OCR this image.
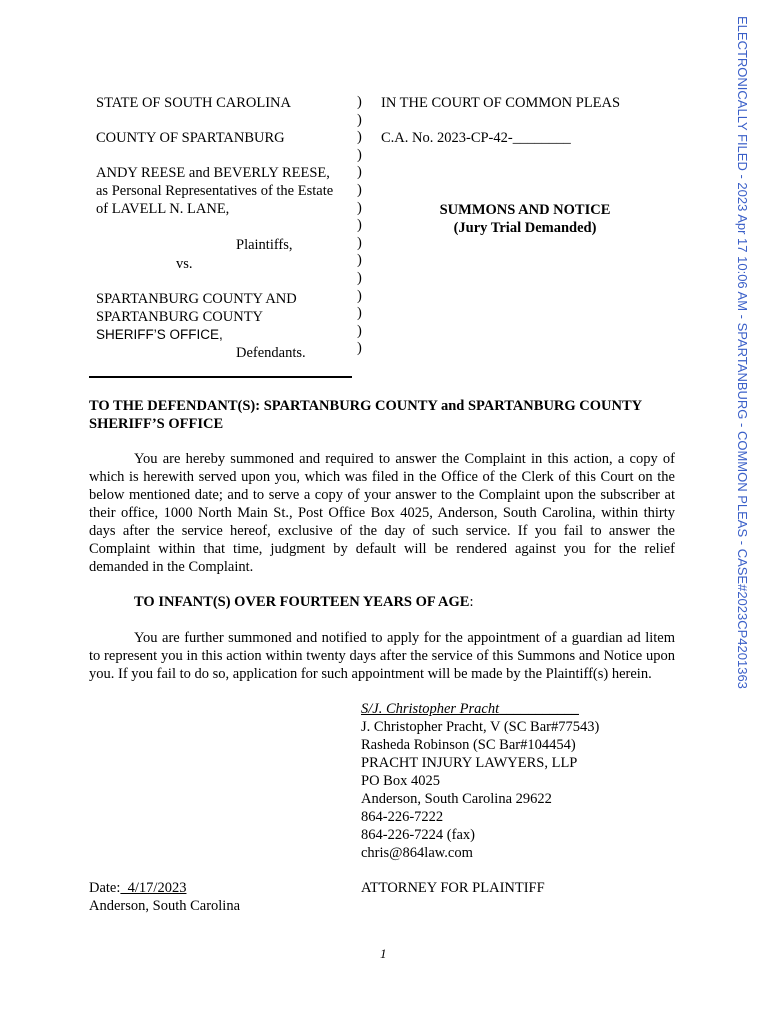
ELECTRONICALLY FILED - 2023 Apr 17 10:06 AM - SPARTANBURG - COMMON PLEAS - CASE#2023CP4201363
STATE OF SOUTH CAROLINA
COUNTY OF SPARTANBURG
ANDY REESE and BEVERLY REESE,
as Personal Representatives of the Estate
of LAVELL N. LANE,
Plaintiffs,
vs.
SPARTANBURG COUNTY AND
SPARTANBURG COUNTY
SHERIFF’S OFFICE,
Defendants.
)
)
)
)
)
)
)
)
)
)
)
)
)
)
)
IN THE COURT OF COMMON PLEAS
C.A. No. 2023-CP-42-________
SUMMONS AND NOTICE
(Jury Trial Demanded)
TO THE DEFENDANT(S): SPARTANBURG COUNTY and SPARTANBURG COUNTY
SHERIFF’S OFFICE
You are hereby summoned and required to answer the Complaint in this action, a copy of which is herewith served upon you, which was filed in the Office of the Clerk of this Court on the below mentioned date; and to serve a copy of your answer to the Complaint upon the subscriber at their office, 1000 North Main St., Post Office Box 4025, Anderson, South Carolina, within thirty days after the service hereof, exclusive of the day of such service. If you fail to answer the Complaint within that time, judgment by default will be rendered against you for the relief demanded in the Complaint.
TO INFANT(S) OVER FOURTEEN YEARS OF AGE:
You are further summoned and notified to apply for the appointment of a guardian ad litem to represent you in this action within twenty days after the service of this Summons and Notice upon you. If you fail to do so, application for such appointment will be made by the Plaintiff(s) herein.
S/J. Christopher Pracht___________
J. Christopher Pracht, V (SC Bar#77543)
Rasheda Robinson (SC Bar#104454)
PRACHT INJURY LAWYERS, LLP
PO Box 4025
Anderson, South Carolina 29622
864-226-7222
864-226-7224 (fax)
chris@864law.com
ATTORNEY FOR PLAINTIFF
Date:  4/17/2023
Anderson, South Carolina
1
